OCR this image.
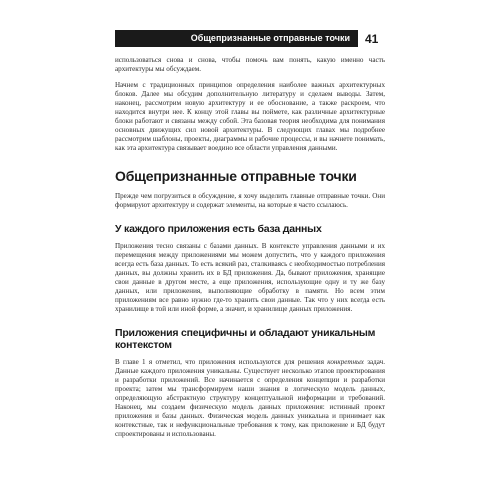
Общепризнанные отправные точки 41

использоваться снова и снова, чтобы помочь вам понять, какую именно часть архитектуры мы обсуждаем.

Начнем с традиционных принципов определения наиболее важных архитектурных блоков. Далее мы обсудим дополнительную литературу и сделаем выводы. Затем, наконец, рассмотрим новую архитектуру и ее обоснование, а также раскроем, что находится внутри нее. К концу этой главы вы поймете, как различные архитектурные блоки работают и связаны между собой. Эта базовая теория необходима для понимания основных движущих сил новой архитектуры. В следующих главах мы подробнее рассмотрим шаблоны, проекты, диаграммы и рабочие процессы, и вы начнете понимать, как эта архитектура связывает воедино все области управления данными.

Общепризнанные отправные точки

Прежде чем погрузиться в обсуждение, я хочу выделить главные отправные точки. Они формируют архитектуру и содержат элементы, на которые я часто ссылаюсь.

У каждого приложения есть база данных

Приложения тесно связаны с базами данных. В контексте управления данными и их перемещения между приложениями мы можем допустить, что у каждого приложения всегда есть база данных. То есть всякий раз, сталкиваясь с необходимостью потребления данных, вы должны хранить их в БД приложения. Да, бывают приложения, хранящие свои данные в другом месте, а еще приложения, использующие одну и ту же базу данных, или приложения, выполняющие обработку в памяти. Но всем этим приложениям все равно нужно где-то хранить свои данные. Так что у них всегда есть хранилище в той или иной форме, а значит, и хранилище данных приложения.

Приложения специфичны и обладают уникальным контекстом

В главе 1 я отметил, что приложения используются для решения конкретных задач. Данные каждого приложения уникальны. Существует несколько этапов проектирования и разработки приложений. Все начинается с определения концепции и разработки проекта; затем мы трансформируем наши знания в логическую модель данных, определяющую абстрактную структуру концептуальной информации и требований. Наконец, мы создаем физическую модель данных приложения: истинный проект приложения и базы данных. Физическая модель данных уникальна и принимает как контекстные, так и нефункциональные требования к тому, как приложение и БД будут спроектированы и использованы.
